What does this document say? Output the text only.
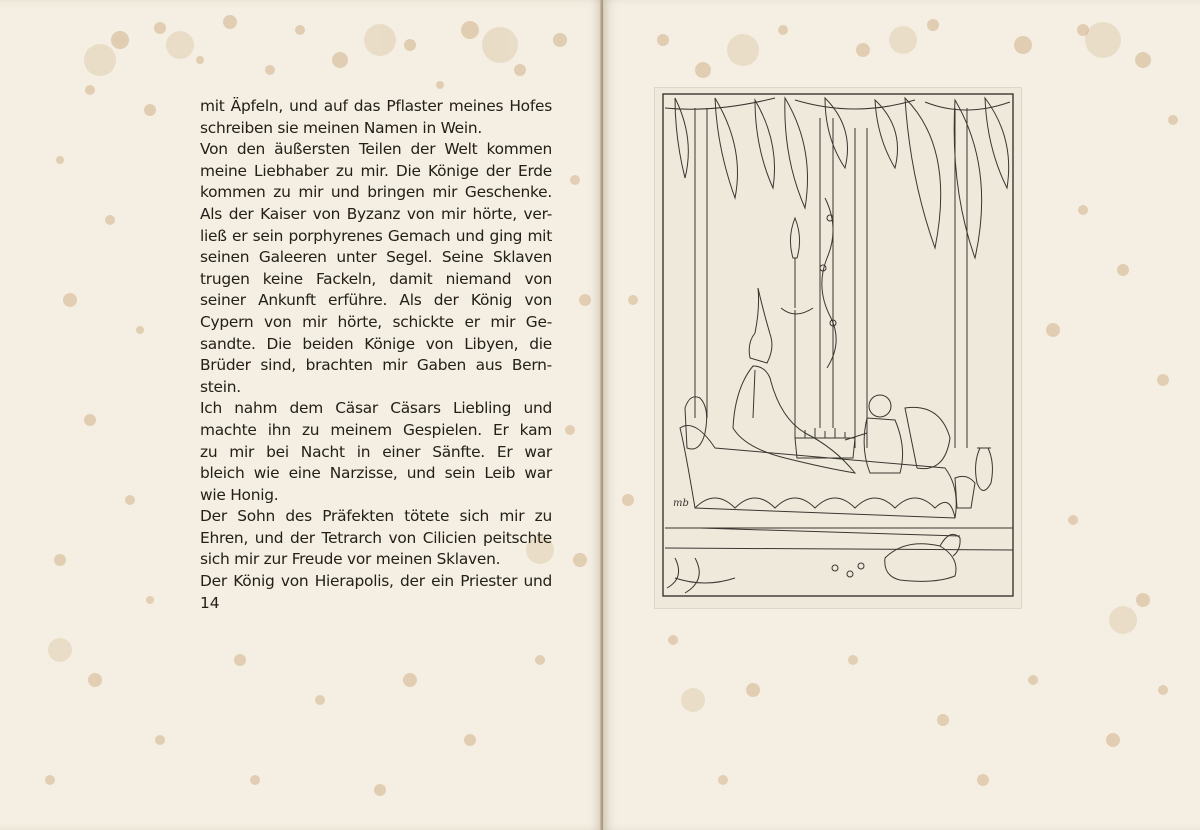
mit Äpfeln, und auf das Pflaster meines Hofes
schreiben sie meinen Namen in Wein.
Von den äußersten Teilen der Welt kommen
meine Liebhaber zu mir. Die Könige der Erde
kommen zu mir und bringen mir Geschenke.
Als der Kaiser von Byzanz von mir hörte, ver-
ließ er sein porphyrenes Gemach und ging mit
seinen Galeeren unter Segel. Seine Sklaven
trugen keine Fackeln, damit niemand von
seiner Ankunft erführe. Als der König von
Cypern von mir hörte, schickte er mir Ge-
sandte. Die beiden Könige von Libyen, die
Brüder sind, brachten mir Gaben aus Bern-
stein.
Ich nahm dem Cäsar Cäsars Liebling und
machte ihn zu meinem Gespielen. Er kam
zu mir bei Nacht in einer Sänfte. Er war
bleich wie eine Narzisse, und sein Leib war
wie Honig.
Der Sohn des Präfekten tötete sich mir zu
Ehren, und der Tetrarch von Cilicien peitschte
sich mir zur Freude vor meinen Sklaven.
Der König von Hierapolis, der ein Priester und
14
mb
